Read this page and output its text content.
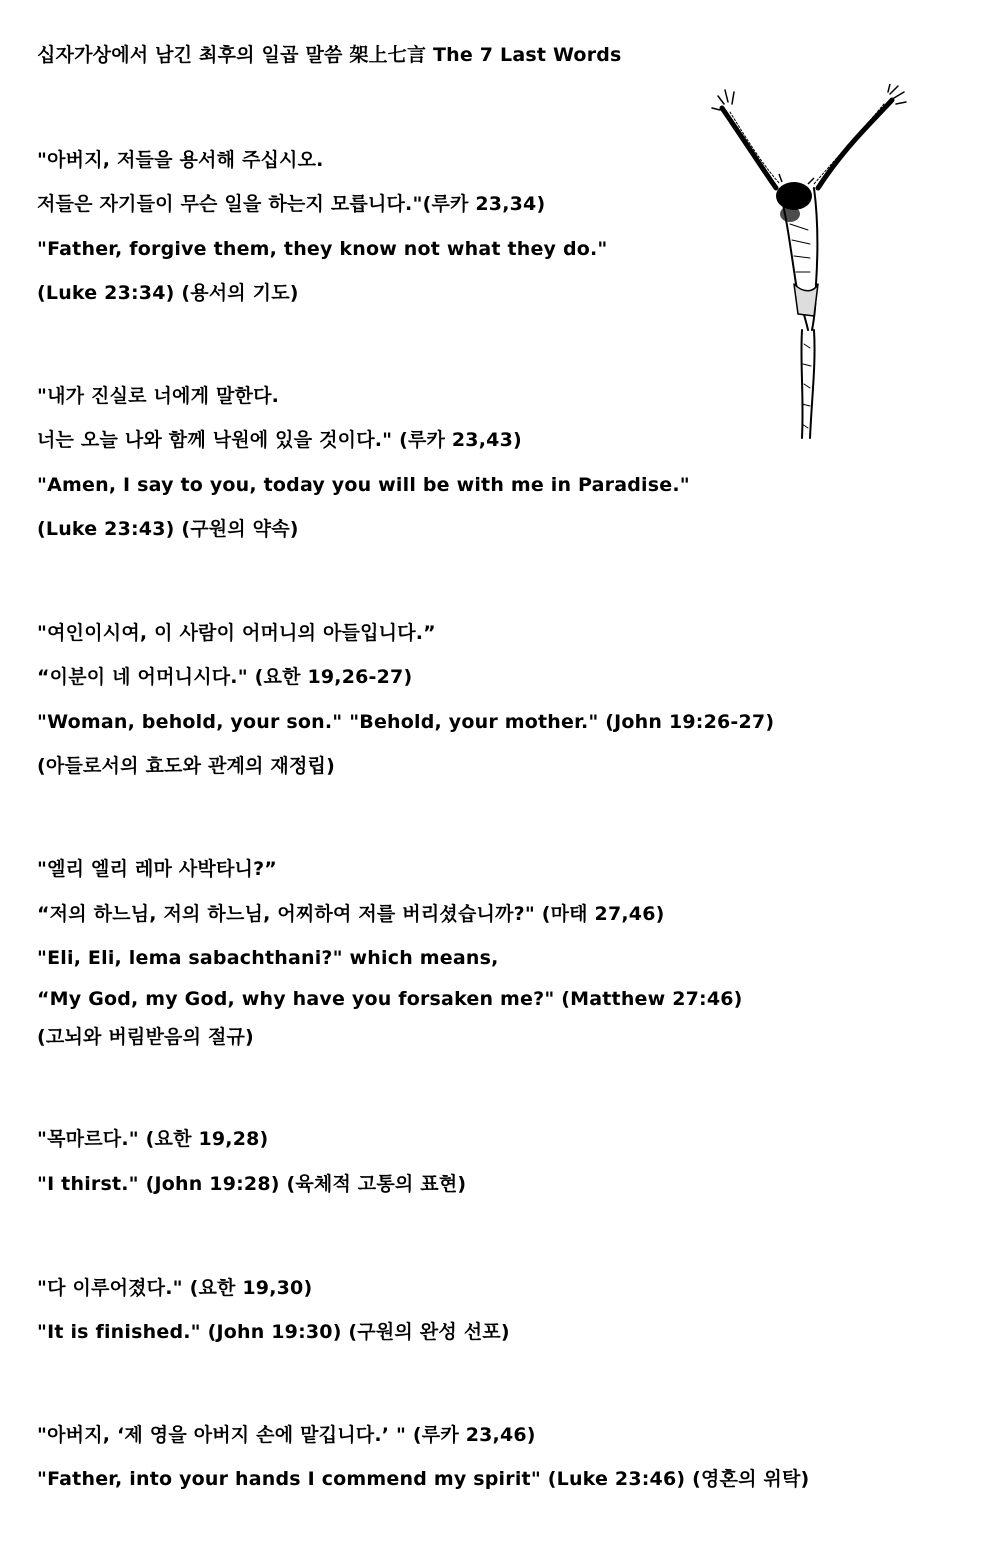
십자가상에서 남긴 최후의 일곱 말씀 架上七言 The 7 Last Words
"아버지, 저들을 용서해 주십시오.
저들은 자기들이 무슨 일을 하는지 모릅니다."(루카 23,34)
"Father, forgive them, they know not what they do."
(Luke 23:34) (용서의 기도)
"내가 진실로 너에게 말한다.
너는 오늘 나와 함께 낙원에 있을 것이다." (루카 23,43)
"Amen, I say to you, today you will be with me in Paradise."
(Luke 23:43) (구원의 약속)
"여인이시여, 이 사람이 어머니의 아들입니다.”
“이분이 네 어머니시다." (요한 19,26-27)
"Woman, behold, your son." "Behold, your mother." (John 19:26-27)
(아들로서의 효도와 관계의 재정립)
"엘리 엘리 레마 사박타니?”
“저의 하느님, 저의 하느님, 어찌하여 저를 버리셨습니까?" (마태 27,46)
"Eli, Eli, lema sabachthani?" which means,
“My God, my God, why have you forsaken me?" (Matthew 27:46)
(고뇌와 버림받음의 절규)
"목마르다." (요한 19,28)
"I thirst." (John 19:28) (육체적 고통의 표현)
"다 이루어졌다." (요한 19,30)
"It is finished." (John 19:30) (구원의 완성 선포)
"아버지, ‘제 영을 아버지 손에 맡깁니다.’ " (루카 23,46)
"Father, into your hands I commend my spirit" (Luke 23:46) (영혼의 위탁)
